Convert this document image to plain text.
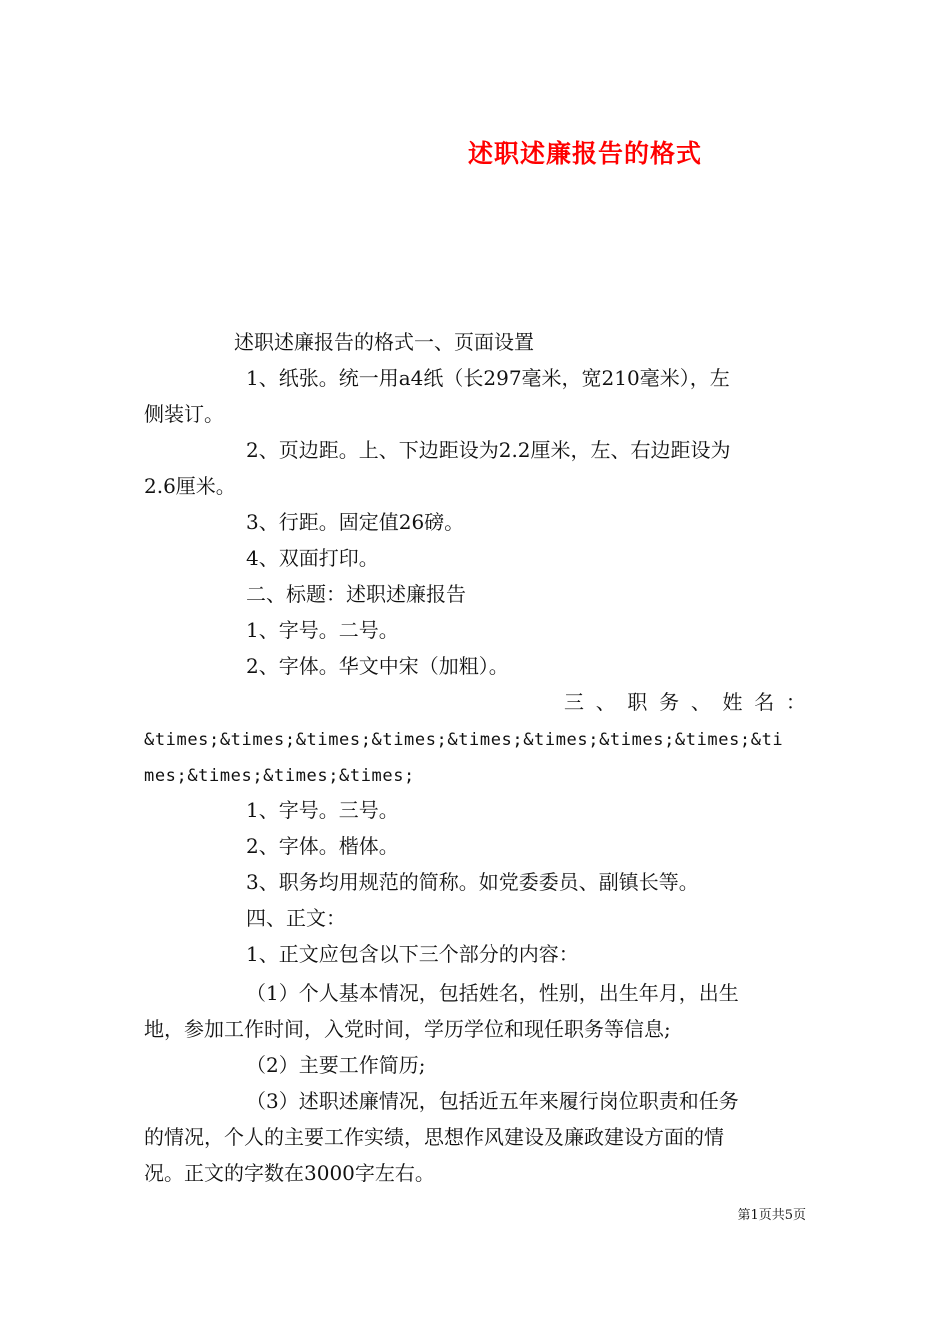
述职述廉报告的格式
述职述廉报告的格式一、页面设置
1、纸张。统一用a4纸（长297毫米，宽210毫米），左
侧装订。
2、页边距。上、下边距设为2.2厘米，左、右边距设为
2.6厘米。
3、行距。固定值26磅。
4、双面打印。
二、标题：述职述廉报告
1、字号。二号。
2、字体。华文中宋（加粗）。
三 、 职 务 、 姓 名 ：
&times;&times;&times;&times;&times;&times;&times;&times;&ti
mes;&times;&times;&times;
1、字号。三号。
2、字体。楷体。
3、职务均用规范的简称。如党委委员、副镇长等。
四、正文：
1、正文应包含以下三个部分的内容：
（1）个人基本情况，包括姓名，性别，出生年月，出生
地，参加工作时间，入党时间，学历学位和现任职务等信息;
（2）主要工作简历;
（3）述职述廉情况，包括近五年来履行岗位职责和任务
的情况，个人的主要工作实绩，思想作风建设及廉政建设方面的情
况。正文的字数在3000字左右。
第1页共5页
